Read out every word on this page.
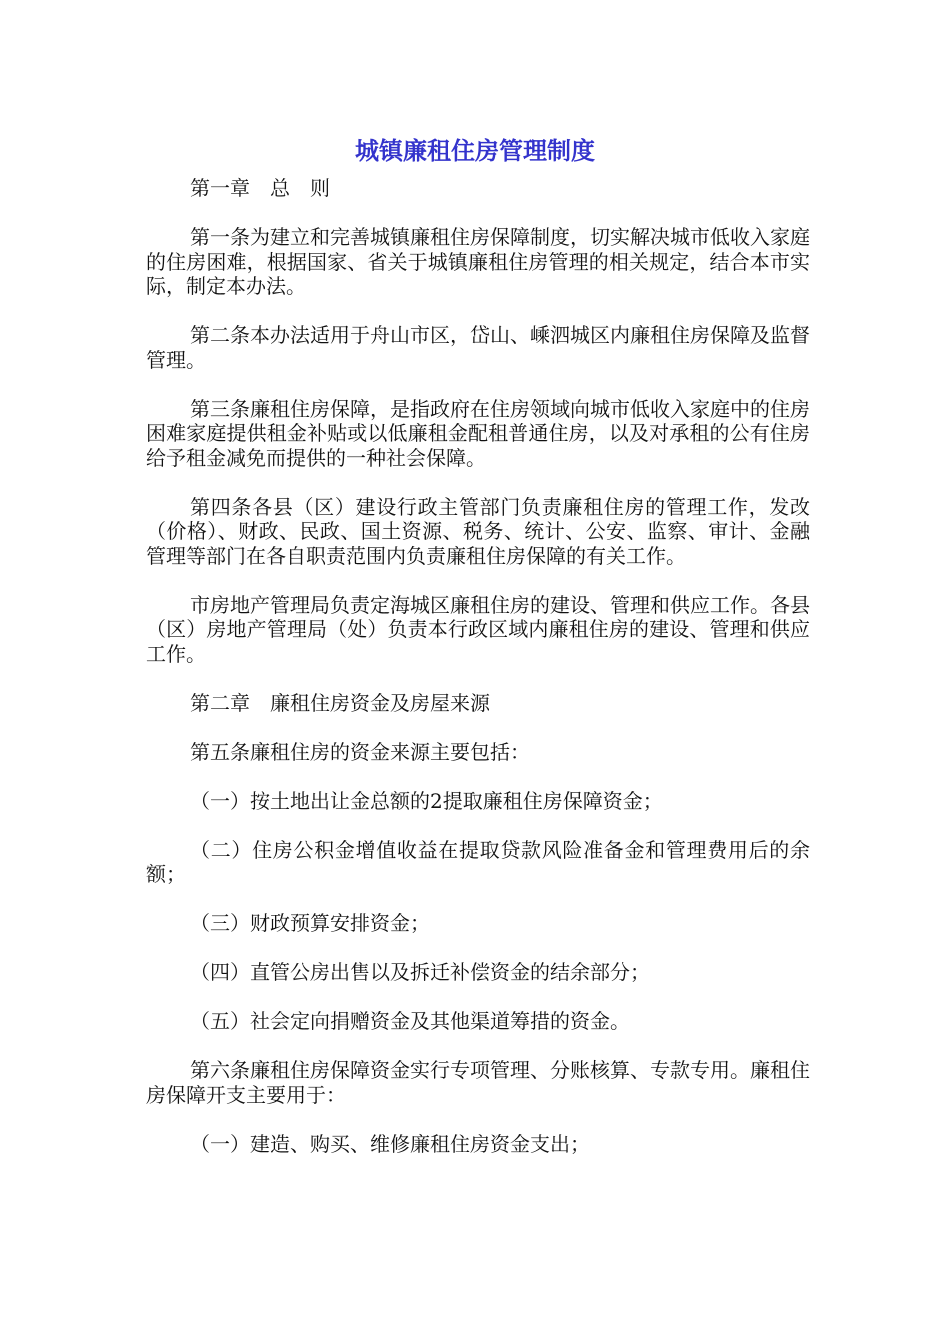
城镇廉租住房管理制度

第一章　总　则

第一条为建立和完善城镇廉租住房保障制度，切实解决城市低收入家庭的住房困难，根据国家、省关于城镇廉租住房管理的相关规定，结合本市实际，制定本办法。

第二条本办法适用于舟山市区，岱山、嵊泗城区内廉租住房保障及监督管理。

第三条廉租住房保障，是指政府在住房领域向城市低收入家庭中的住房困难家庭提供租金补贴或以低廉租金配租普通住房，以及对承租的公有住房给予租金减免而提供的一种社会保障。

第四条各县（区）建设行政主管部门负责廉租住房的管理工作，发改（价格）、财政、民政、国土资源、税务、统计、公安、监察、审计、金融管理等部门在各自职责范围内负责廉租住房保障的有关工作。

市房地产管理局负责定海城区廉租住房的建设、管理和供应工作。各县（区）房地产管理局（处）负责本行政区域内廉租住房的建设、管理和供应工作。

第二章　廉租住房资金及房屋来源

第五条廉租住房的资金来源主要包括：

（一）按土地出让金总额的2提取廉租住房保障资金；

（二）住房公积金增值收益在提取贷款风险准备金和管理费用后的余额；

（三）财政预算安排资金；

（四）直管公房出售以及拆迁补偿资金的结余部分；

（五）社会定向捐赠资金及其他渠道筹措的资金。

第六条廉租住房保障资金实行专项管理、分账核算、专款专用。廉租住房保障开支主要用于：

（一）建造、购买、维修廉租住房资金支出；
